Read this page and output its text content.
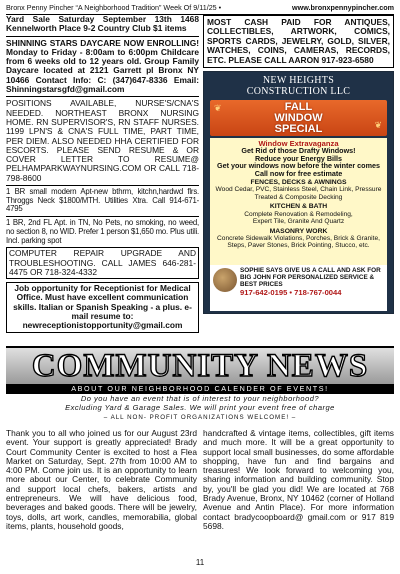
Bronx Penny Pincher “A Neighborhood Tradition” Week Of 9/11/25 •	www.bronxpennypincher.com
Yard Sale Saturday September 13th 1468 Kennelworth Place 9-2 Country Club $1 items
SHINNING STARS DAYCARE NOW ENROLLING! Monday to Friday - 8:00am to 6:00pm Childcare from 6 weeks old to 12 years old. Group Family Daycare located at 2121 Garrett pl Bronx NY 10466 Contact Info: C: (347)647-8336 Email: Shinningstarsgfd@gmail.com
POSITIONS AVAILABLE, NURSE'S/CNA'S NEEDED. NORTHEAST BRONX NURSING HOME. RN SUPERVISOR'S, RN STAFF NURSES. 1199 LPN'S & CNA'S FULL TIME, PART TIME, PER DIEM. ALSO NEEDED HHA CERTIFIED FOR ESCORTS. PLEASE SEND RESUME & OR COVER LETTER TO RESUME@ PELHAMPARKWAYNURSING.COM OR CALL 718-798-8600
1 BR small modern Apt-new bthrm, kitchn,hardwd flrs. Throggs Neck $1800/MTH. Utilities Xtra. Call 914-671-4795
1 BR, 2nd FL Apt. in TN, No Pets, no smoking, no weed, no section 8, no WID. Prefer 1 person $1,650 mo. Plus utili. Incl. parking spot
COMPUTER REPAIR UPGRADE AND TROUBLESHOOTING. CALL JAMES 646-281-4475 OR 718-324-4332
Job opportunity for Receptionist for Medical Office. Must have excellent communication skills. Italian or Spanish Speaking - a plus. e-mail resume to: newreceptionistopportunity@gmail.com
MOST CASH PAID FOR ANTIQUES, COLLECTIBLES, ARTWORK, COMICS, SPORTS CARDS, JEWELRY, GOLD, SILVER, WATCHES, COINS, CAMERAS, RECORDS, ETC. PLEASE CALL AARON 917-923-6580
NEW HEIGHTS
CONSTRUCTION LLC
❦
❦
FALL
WINDOW
SPECIAL
Window Extravaganza
Get Rid of those Drafty Windows!
Reduce your Energy Bills
Get your windows now before the winter comes
Call now for free estimate
FENCES, DECKS & AWNINGS
Wood Cedar, PVC, Stainless Steel, Chain Link, Pressure Treated & Composite Decking
KITCHEN & BATH
Complete Renovation & Remodeling, Expert Tile, Granite And Quartz
MASONRY WORK
Concrete Sidewalk Violations, Porches, Brick & Granite, Steps, Paver Stones, Brick Pointing, Stucco, etc.
SOPHIE SAYS GIVE US A CALL AND ASK FOR BIG JOHN FOR PERSONALIZED SERVICE & BEST PRICES
917-642-0195 • 718-767-0044
NewHeightsConstructionLLC.com
COMMUNITY NEWS
ABOUT OUR NEIGHBORHOOD CALENDER OF EVENTS!
Do you have an event that is of interest to your neighborhood?
Excluding Yard & Garage Sales. We will print your event free of charge
– ALL NON- PROFIT ORGANIZATIONS WELCOME! –
Thank you to all who joined us for our August 23rd event. Your support is greatly appreciated! Brady Court Community Center is excited to host a Flea Market on Saturday, Sept. 27th from 10:00 AM to 4:00 PM. Come join us. It is an opportunity to learn more about our Center, to celebrate Community and support local chefs, bakers, artists and entrepreneurs. We will have delicious food, beverages and baked goods. There will be jewelry, toys, dolls, art work, candles, memorabilia, global items, plants, household goods,
handcrafted & vintage items, collectibles, gift items and much more. It will be a great opportunity to support local small businesses, do some affordable shopping, have fun and find bargains and treasures! We look forward to welcoming you, sharing information and building community. Stop by, you'll be glad you did! We are located at 768 Brady Avenue, Bronx, NY 10462 (corner of Holland Avenue and Antin Place). For more information contact bradycoopboard@ gmail.com or 917 819 5698.
11
